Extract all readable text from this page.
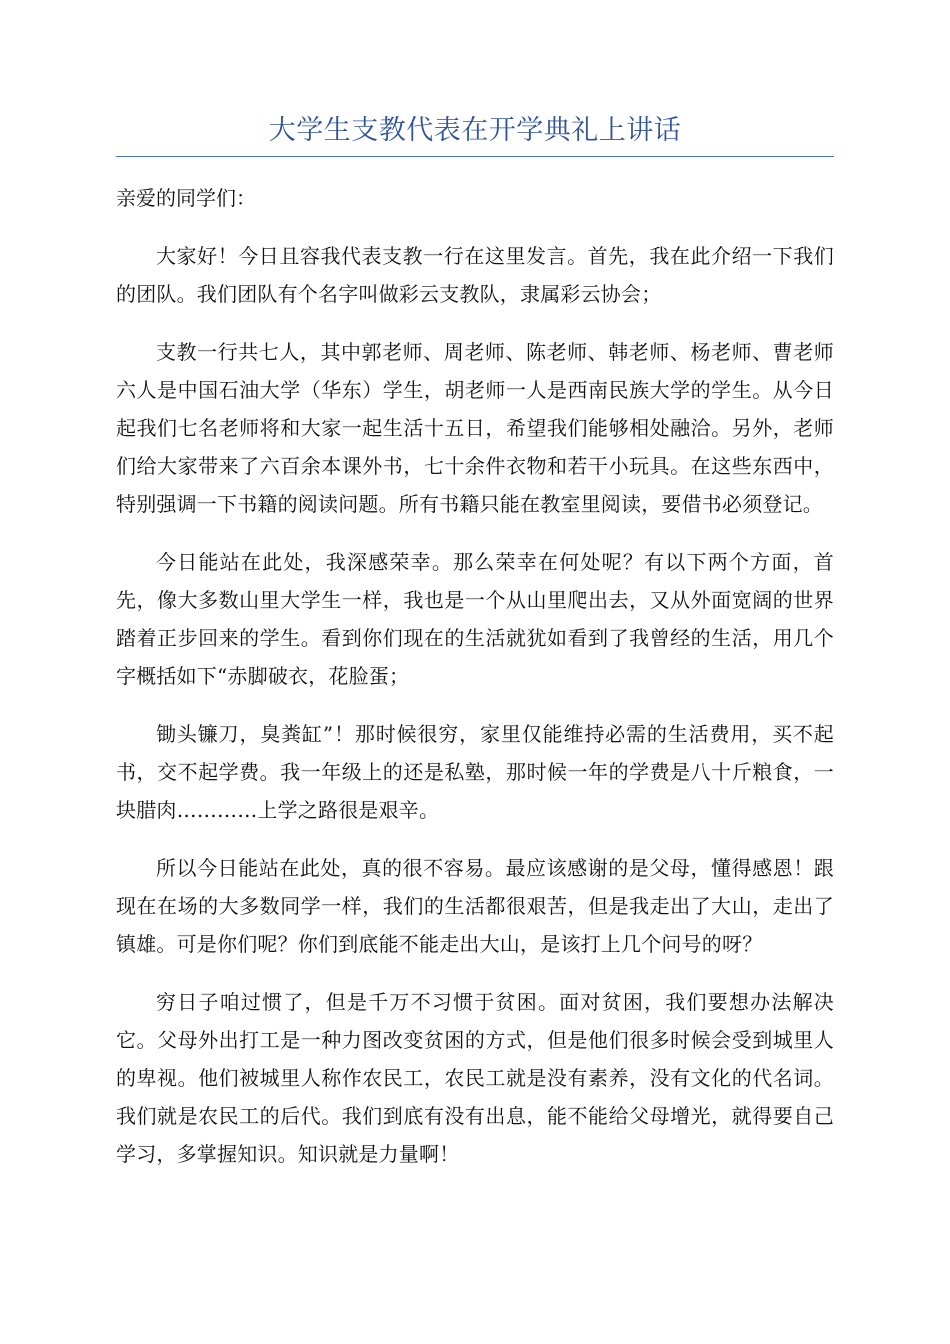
大学生支教代表在开学典礼上讲话

亲爱的同学们：

大家好！今日且容我代表支教一行在这里发言。首先，我在此介绍一下我们的团队。我们团队有个名字叫做彩云支教队，隶属彩云协会；

支教一行共七人，其中郭老师、周老师、陈老师、韩老师、杨老师、曹老师六人是中国石油大学（华东）学生，胡老师一人是西南民族大学的学生。从今日起我们七名老师将和大家一起生活十五日，希望我们能够相处融洽。另外，老师们给大家带来了六百余本课外书，七十余件衣物和若干小玩具。在这些东西中，特别强调一下书籍的阅读问题。所有书籍只能在教室里阅读，要借书必须登记。

今日能站在此处，我深感荣幸。那么荣幸在何处呢？有以下两个方面，首先，像大多数山里大学生一样，我也是一个从山里爬出去，又从外面宽阔的世界踏着正步回来的学生。看到你们现在的生活就犹如看到了我曾经的生活，用几个字概括如下“赤脚破衣，花脸蛋；

锄头镰刀，臭粪缸”！那时候很穷，家里仅能维持必需的生活费用，买不起书，交不起学费。我一年级上的还是私塾，那时候一年的学费是八十斤粮食，一块腊肉…………上学之路很是艰辛。

所以今日能站在此处，真的很不容易。最应该感谢的是父母，懂得感恩！跟现在在场的大多数同学一样，我们的生活都很艰苦，但是我走出了大山，走出了镇雄。可是你们呢？你们到底能不能走出大山，是该打上几个问号的呀？

穷日子咱过惯了，但是千万不习惯于贫困。面对贫困，我们要想办法解决它。父母外出打工是一种力图改变贫困的方式，但是他们很多时候会受到城里人的卑视。他们被城里人称作农民工，农民工就是没有素养，没有文化的代名词。我们就是农民工的后代。我们到底有没有出息，能不能给父母增光，就得要自己学习，多掌握知识。知识就是力量啊！
